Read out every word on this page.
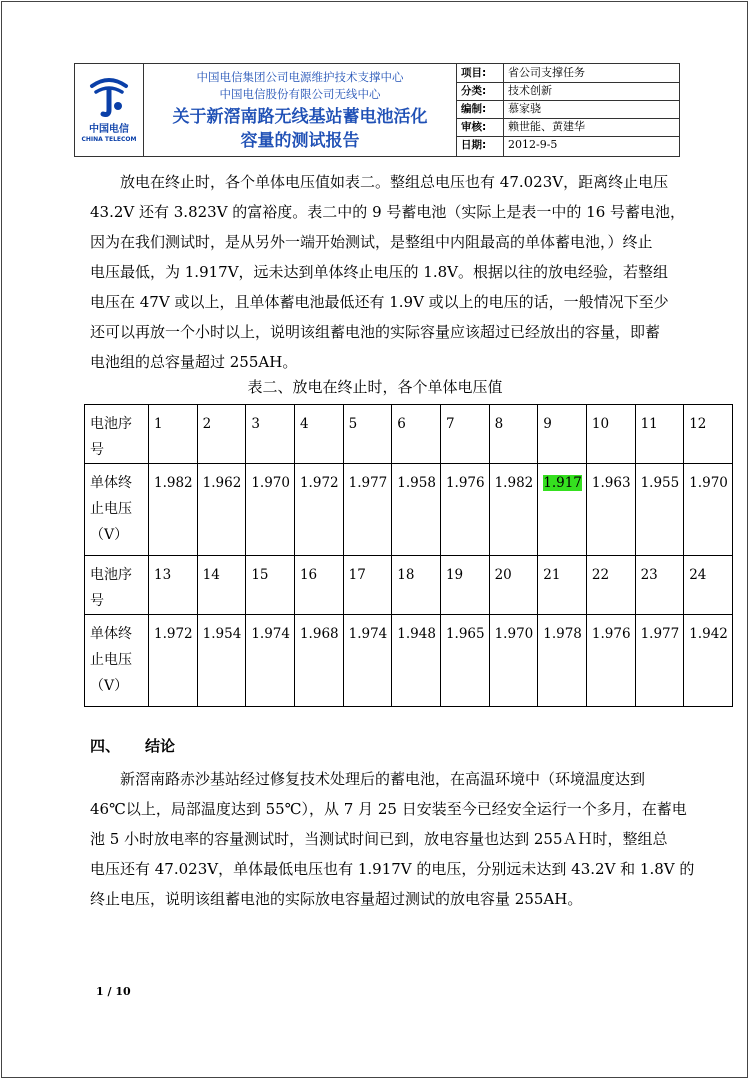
中国电信
CHINA TELECOM
中国电信集团公司电源维护技术支撑中心
中国电信股份有限公司无线中心
关于新滘南路无线基站蓄电池活化
容量的测试报告
项目:	省公司支撑任务
分类:	技术创新
编制:	慕家骁
审核:	赖世能、黄建华
日期:	2012-9-5
放电在终止时，各个单体电压值如表二。整组总电压也有 47.023V，距离终止电压
43.2V 还有 3.823V 的富裕度。表二中的 9 号蓄电池（实际上是表一中的 16 号蓄电池，
因为在我们测试时，是从另外一端开始测试，是整组中内阻最高的单体蓄电池，）终止
电压最低，为 1.917V，远未达到单体终止电压的 1.8V。根据以往的放电经验，若整组
电压在 47V 或以上，且单体蓄电池最低还有 1.9V 或以上的电压的话，一般情况下至少
还可以再放一个小时以上，说明该组蓄电池的实际容量应该超过已经放出的容量，即蓄
电池组的总容量超过 255AH。
表二、放电在终止时，各个单体电压值
电池序
号	1	2	3	4	5	6	7	8	9	10	11	12

单体终
止电压
（V）	1.982	1.962	1.970	1.972	1.977	1.958	1.976	1.982	1.917	1.963	1.955	1.970

电池序
号	13	14	15	16	17	18	19	20	21	22	23	24

单体终
止电压
（V）	1.972	1.954	1.974	1.968	1.974	1.948	1.965	1.970	1.978	1.976	1.977	1.942
四、 结论
新滘南路赤沙基站经过修复技术处理后的蓄电池，在高温环境中（环境温度达到
46℃以上，局部温度达到 55℃），从 7 月 25 日安装至今已经安全运行一个多月，在蓄电
池 5 小时放电率的容量测试时，当测试时间已到，放电容量也达到 255ＡＨ时，整组总
电压还有 47.023V，单体最低电压也有 1.917V 的电压，分别远未达到 43.2V 和 1.8V 的
终止电压，说明该组蓄电池的实际放电容量超过测试的放电容量 255AH。
1 / 10
